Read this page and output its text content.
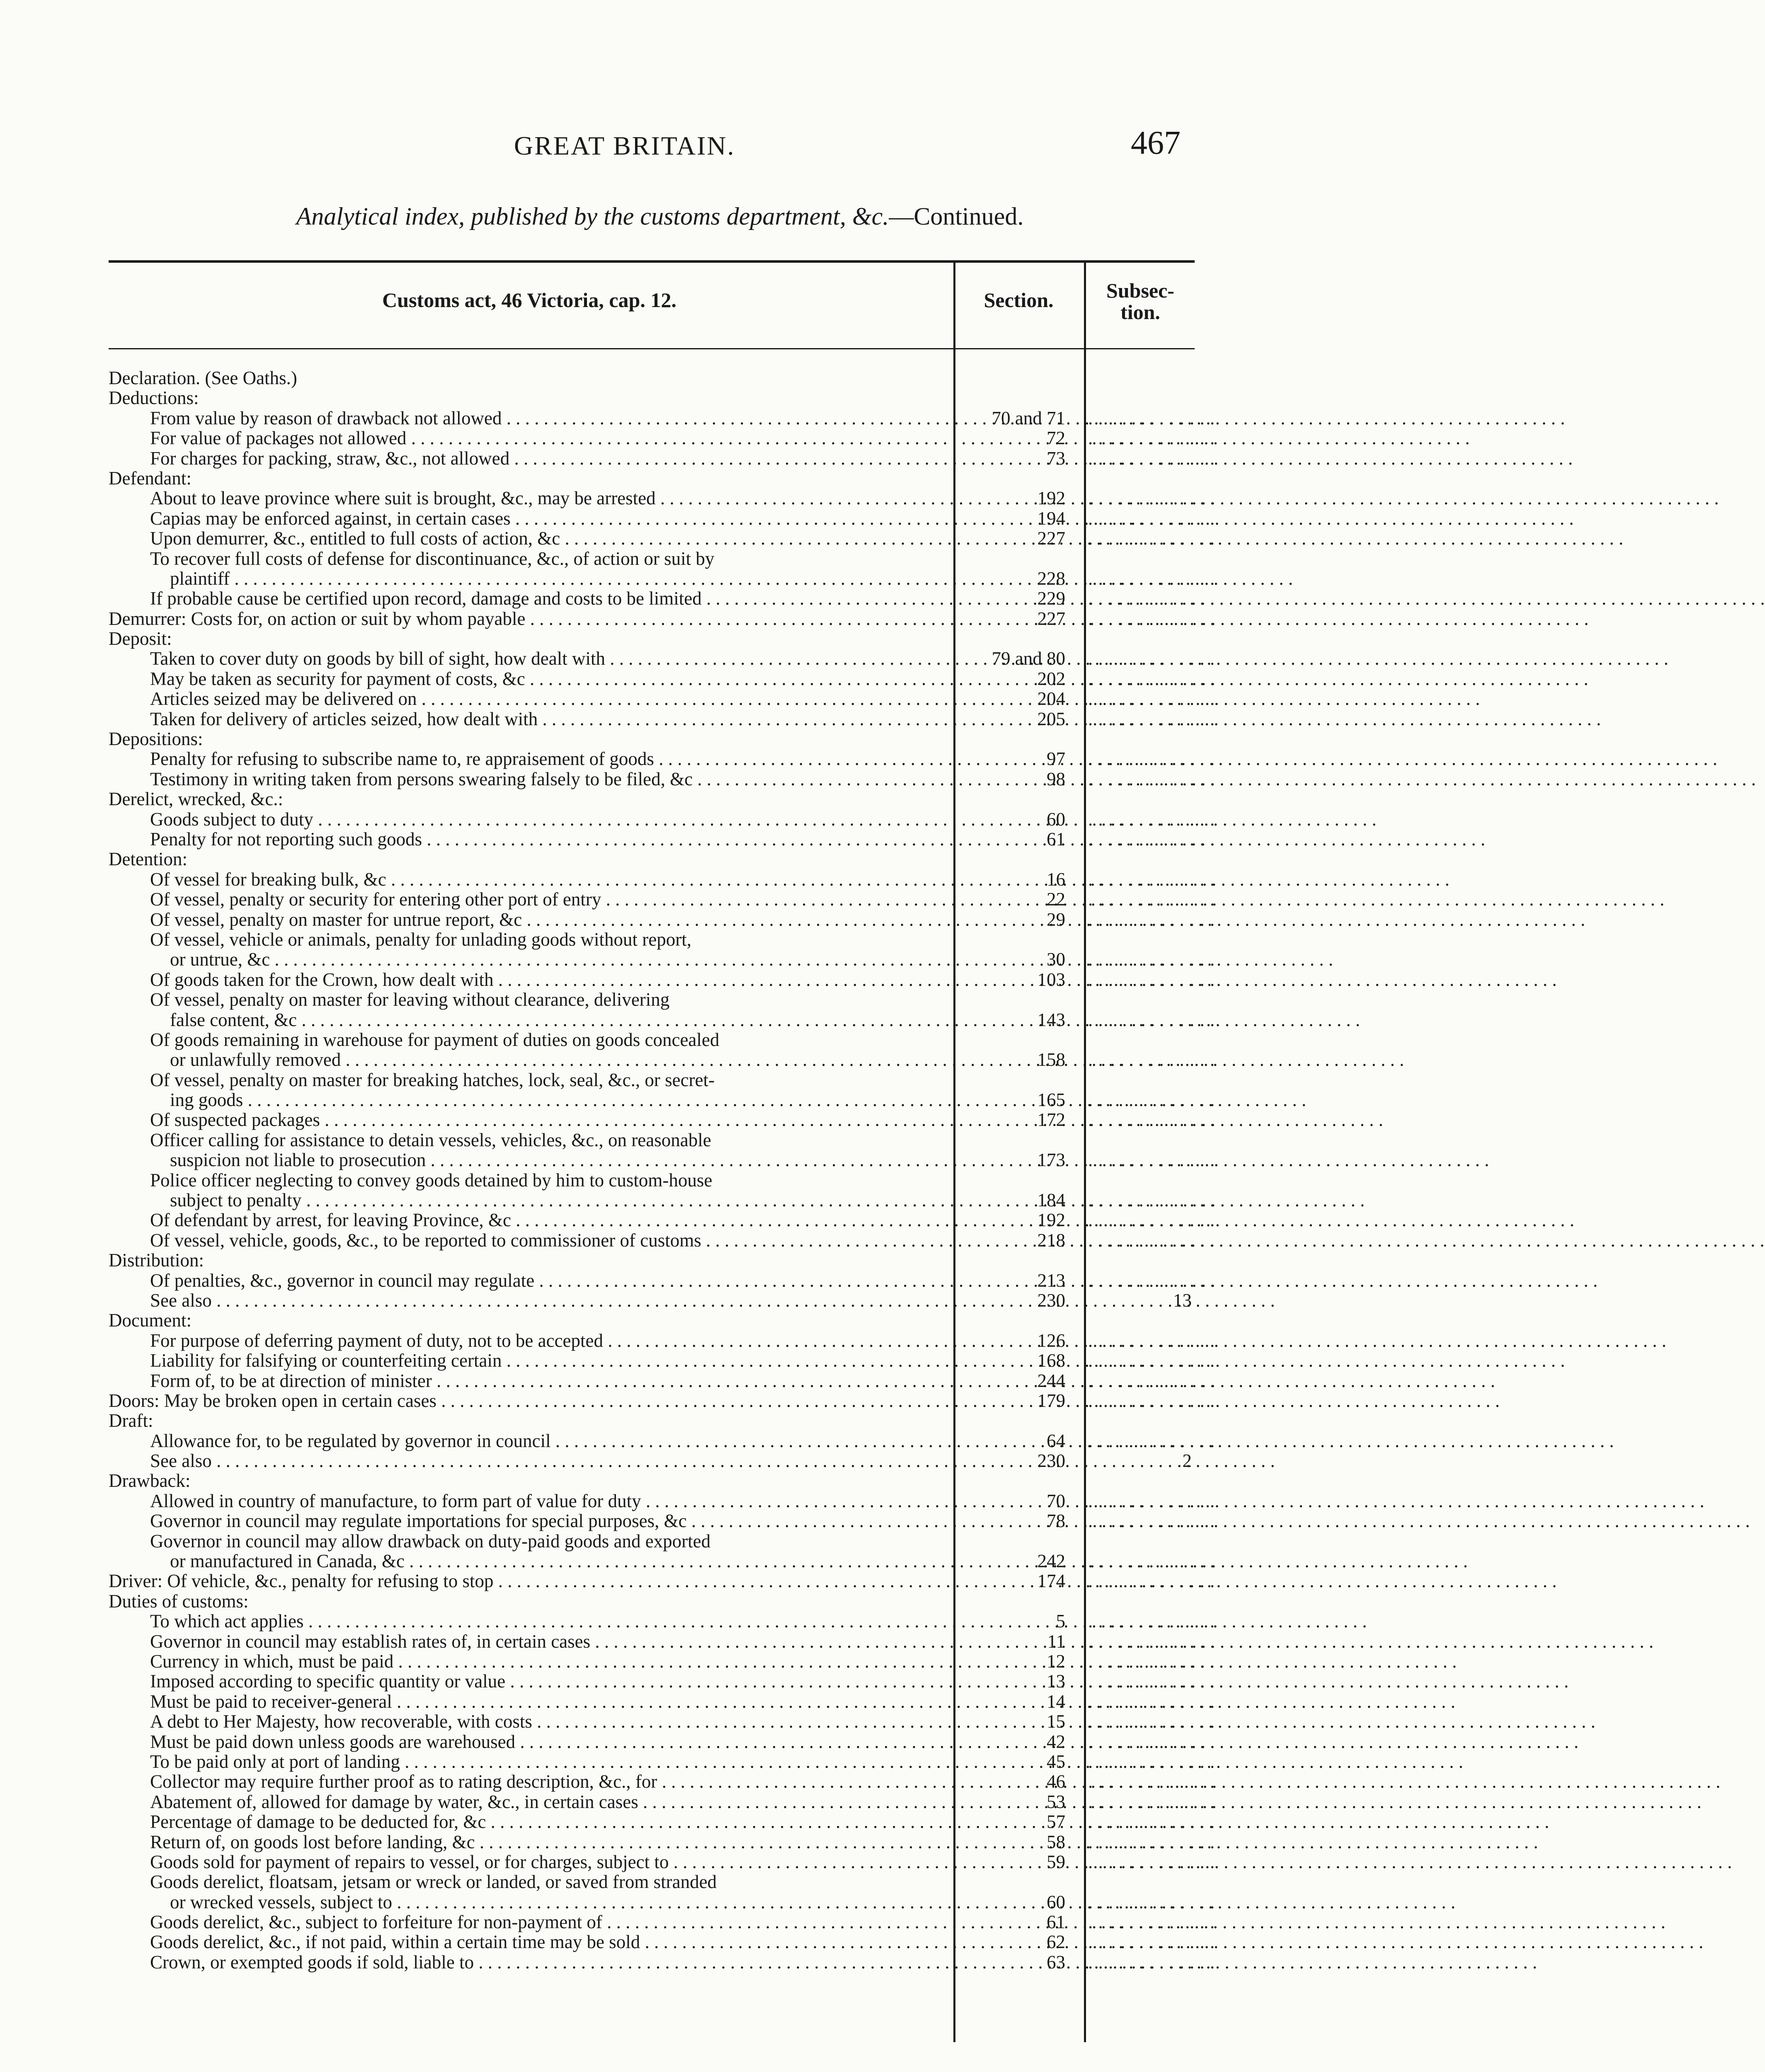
GREAT BRITAIN.	467
Analytical index, published by the customs department, &c.—Continued.
Customs act, 46 Victoria, cap. 12.	Section.	Subsec-
tion.
Declaration. (See Oaths.)
Deductions:
From value by reason of drawback not allowed . . .	70 and 71 . . . . . . . . . . . . .
For value of packages not allowed . . .	72 . . . . . . . . . . . . .
For charges for packing, straw, &c., not allowed . . .	73 . . . . . . . . . . . . .
Defendant:
About to leave province where suit is brought, &c., may be arrested . . .	192 . . . . . . . . . . . . .
Capias may be enforced against, in certain cases . . .	194 . . . . . . . . . . . . .
Upon demurrer, &c., entitled to full costs of action, &c . . .	227 . . . . . . . . . . . . .
To recover full costs of defense for discontinuance, &c., of action or suit by
plaintiff . . .	228 . . . . . . . . . . . . .
If probable cause be certified upon record, damage and costs to be limited . . .	229 . . . . . . . . . . . . .
Demurrer: Costs for, on action or suit by whom payable . . .	227 . . . . . . . . . . . . .
Deposit:
Taken to cover duty on goods by bill of sight, how dealt with . . .	79 and 80 . . . . . . . . . . . . .
May be taken as security for payment of costs, &c . . .	202 . . . . . . . . . . . . .
Articles seized may be delivered on . . .	204 . . . . . . . . . . . . .
Taken for delivery of articles seized, how dealt with . . .	205 . . . . . . . . . . . . .
Depositions:
Penalty for refusing to subscribe name to, re appraisement of goods . . .	97 . . . . . . . . . . . . .
Testimony in writing taken from persons swearing falsely to be filed, &c . . .	98 . . . . . . . . . . . . .
Derelict, wrecked, &c.:
Goods subject to duty . . .	60 . . . . . . . . . . . . .
Penalty for not reporting such goods . . .	61 . . . . . . . . . . . . .
Detention:
Of vessel for breaking bulk, &c . . .	16 . . . . . . . . . . . . .
Of vessel, penalty or security for entering other port of entry . . .	22 . . . . . . . . . . . . .
Of vessel, penalty on master for untrue report, &c . . .	29 . . . . . . . . . . . . .
Of vessel, vehicle or animals, penalty for unlading goods without report,
or untrue, &c . . .	30 . . . . . . . . . . . . .
Of goods taken for the Crown, how dealt with . . .	103 . . . . . . . . . . . . .
Of vessel, penalty on master for leaving without clearance, delivering
false content, &c . . .	143 . . . . . . . . . . . . .
Of goods remaining in warehouse for payment of duties on goods concealed
or unlawfully removed . . .	158 . . . . . . . . . . . . .
Of vessel, penalty on master for breaking hatches, lock, seal, &c., or secret-
ing goods . . .	165 . . . . . . . . . . . . .
Of suspected packages . . .	172 . . . . . . . . . . . . .
Officer calling for assistance to detain vessels, vehicles, &c., on reasonable
suspicion not liable to prosecution . . .	173 . . . . . . . . . . . . .
Police officer neglecting to convey goods detained by him to custom-house
subject to penalty . . .	184 . . . . . . . . . . . . .
Of defendant by arrest, for leaving Province, &c . . .	192 . . . . . . . . . . . . .
Of vessel, vehicle, goods, &c., to be reported to commissioner of customs . . .	218 . . . . . . . . . . . . .
Distribution:
Of penalties, &c., governor in council may regulate . . .	213 . . . . . . . . . . . . .
See also . . .	230	13
Document:
For purpose of deferring payment of duty, not to be accepted . . .	126 . . . . . . . . . . . . .
Liability for falsifying or counterfeiting certain . . .	168 . . . . . . . . . . . . .
Form of, to be at direction of minister . . .	244 . . . . . . . . . . . . .
Doors: May be broken open in certain cases . . .	179 . . . . . . . . . . . . .
Draft:
Allowance for, to be regulated by governor in council . . .	64 . . . . . . . . . . . . .
See also . . .	230	2
Drawback:
Allowed in country of manufacture, to form part of value for duty . . .	70 . . . . . . . . . . . . .
Governor in council may regulate importations for special purposes, &c . . .	78 . . . . . . . . . . . . .
Governor in council may allow drawback on duty-paid goods and exported
or manufactured in Canada, &c . . .	242 . . . . . . . . . . . . .
Driver: Of vehicle, &c., penalty for refusing to stop . . .	174 . . . . . . . . . . . . .
Duties of customs:
To which act applies . . .	5 . . . . . . . . . . . . .
Governor in council may establish rates of, in certain cases . . .	11 . . . . . . . . . . . . .
Currency in which, must be paid . . .	12 . . . . . . . . . . . . .
Imposed according to specific quantity or value . . .	13 . . . . . . . . . . . . .
Must be paid to receiver-general . . .	14 . . . . . . . . . . . . .
A debt to Her Majesty, how recoverable, with costs . . .	15 . . . . . . . . . . . . .
Must be paid down unless goods are warehoused . . .	42 . . . . . . . . . . . . .
To be paid only at port of landing . . .	45 . . . . . . . . . . . . .
Collector may require further proof as to rating description, &c., for . . .	46 . . . . . . . . . . . . .
Abatement of, allowed for damage by water, &c., in certain cases . . .	53 . . . . . . . . . . . . .
Percentage of damage to be deducted for, &c . . .	57 . . . . . . . . . . . . .
Return of, on goods lost before landing, &c . . .	58 . . . . . . . . . . . . .
Goods sold for payment of repairs to vessel, or for charges, subject to . . .	59 . . . . . . . . . . . . .
Goods derelict, floatsam, jetsam or wreck or landed, or saved from stranded
or wrecked vessels, subject to . . .	60 . . . . . . . . . . . . .
Goods derelict, &c., subject to forfeiture for non-payment of . . .	61 . . . . . . . . . . . . .
Goods derelict, &c., if not paid, within a certain time may be sold . . .	62 . . . . . . . . . . . . .
Crown, or exempted goods if sold, liable to . . .	63 . . . . . . . . . . . . .
